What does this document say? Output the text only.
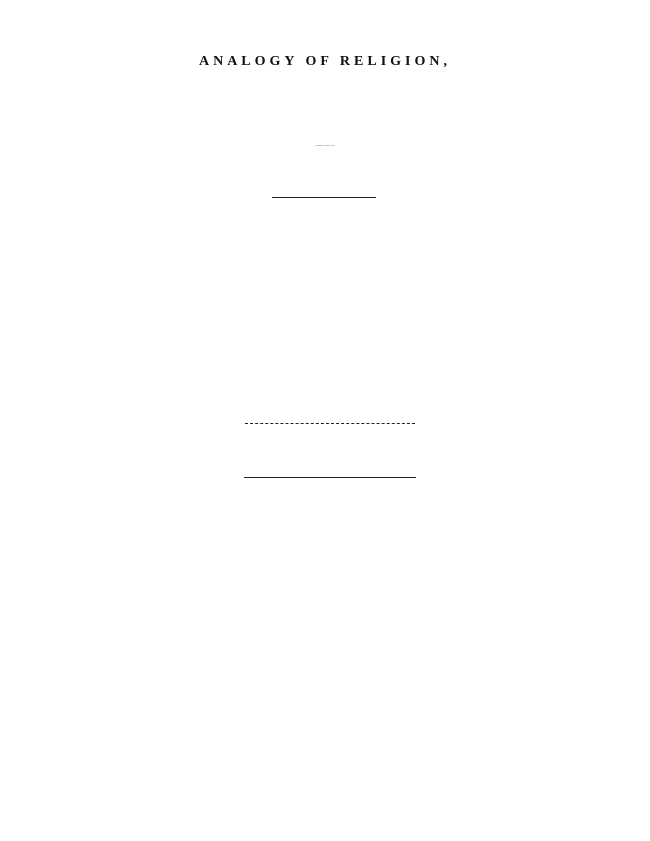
ANALOGY OF RELIGION,
Constitution and Course of Nature.
